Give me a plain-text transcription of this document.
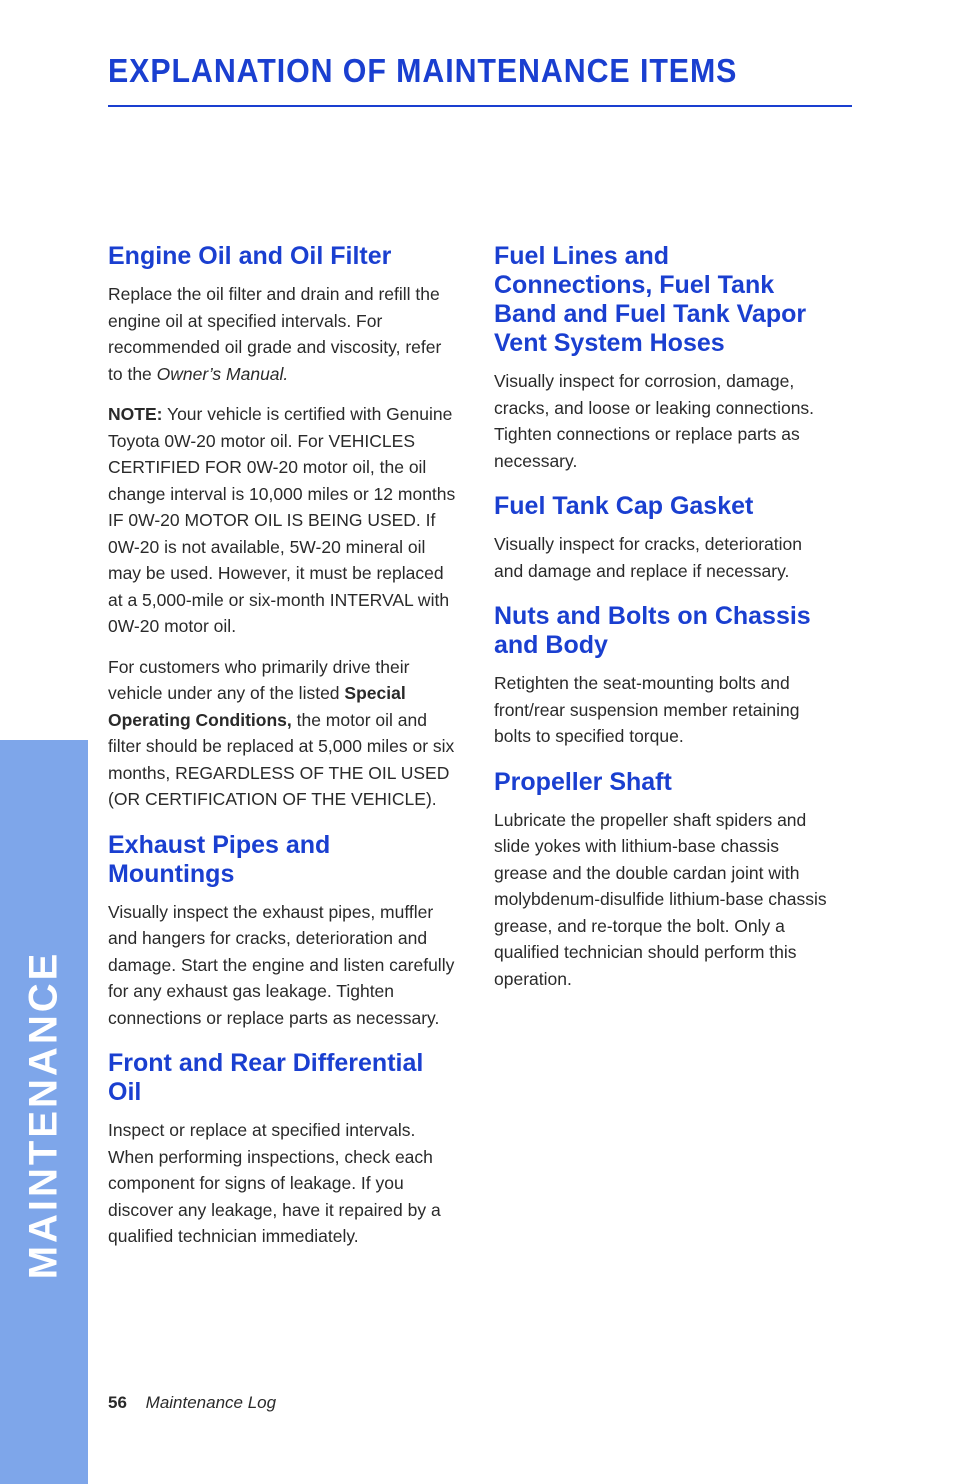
EXPLANATION OF MAINTENANCE ITEMS
MAINTENANCE
Engine Oil and Oil Filter

Replace the oil filter and drain and refill the engine oil at specified intervals. For recommended oil grade and viscosity, refer to the Owner’s Manual.

NOTE: Your vehicle is certified with Genuine Toyota 0W-20 motor oil. For VEHICLES CERTIFIED FOR 0W-20 motor oil, the oil change interval is 10,000 miles or 12 months IF 0W-20 MOTOR OIL IS BEING USED. If 0W-20 is not available, 5W-20 mineral oil may be used. However, it must be replaced at a 5,000-mile or six-month INTERVAL with 0W-20 motor oil.

For customers who primarily drive their vehicle under any of the listed Special Operating Conditions, the motor oil and filter should be replaced at 5,000 miles or six months, REGARDLESS OF THE OIL USED (OR CERTIFICATION OF THE VEHICLE).

Exhaust Pipes and Mountings

Visually inspect the exhaust pipes, muffler and hangers for cracks, deterioration and damage. Start the engine and listen carefully for any exhaust gas leakage. Tighten connections or replace parts as necessary.

Front and Rear Differential Oil

Inspect or replace at specified intervals. When performing inspections, check each component for signs of leakage. If you discover any leakage, have it repaired by a qualified technician immediately.

Fuel Lines and Connections, Fuel Tank Band and Fuel Tank Vapor Vent System Hoses

Visually inspect for corrosion, damage, cracks, and loose or leaking connections. Tighten connections or replace parts as necessary.

Fuel Tank Cap Gasket

Visually inspect for cracks, deterioration and damage and replace if necessary.

Nuts and Bolts on Chassis and Body

Retighten the seat-mounting bolts and front/rear suspension member retaining bolts to specified torque.

Propeller Shaft

Lubricate the propeller shaft spiders and slide yokes with lithium-base chassis grease and the double cardan joint with molybdenum-disulfide lithium-base chassis grease, and re-torque the bolt. Only a qualified technician should perform this operation.

56 Maintenance Log
